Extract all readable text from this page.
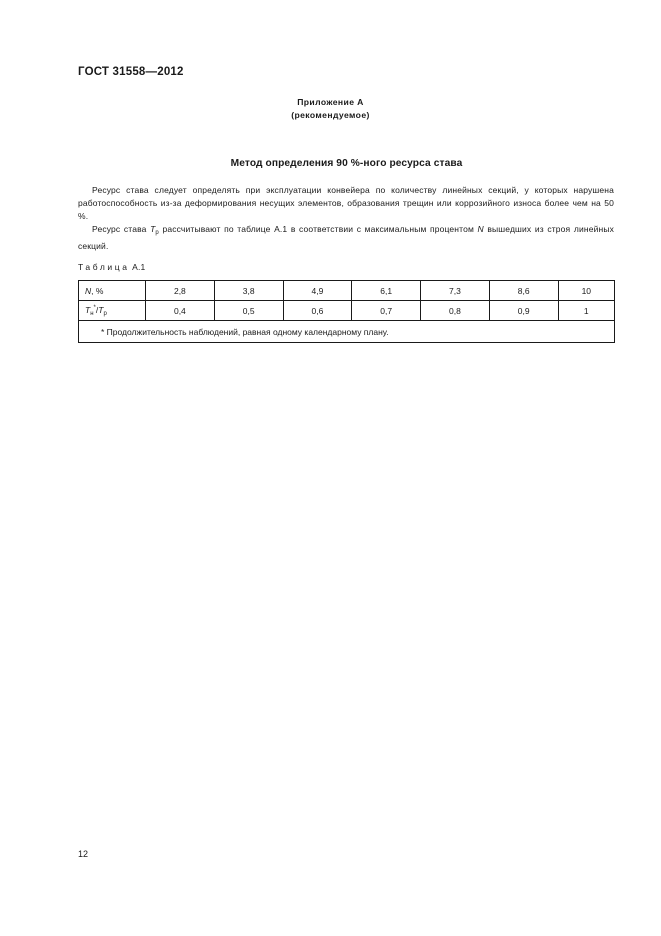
ГОСТ 31558—2012
Приложение А
(рекомендуемое)
Метод определения 90 %-ного ресурса става
Ресурс става следует определять при эксплуатации конвейера по количеству линейных секций, у которых нарушена работоспособность из-за деформирования несущих элементов, образования трещин или коррозийного износа более чем на 50 %.
Ресурс става $T_р$ рассчитывают по таблице А.1 в соответствии с максимальным процентом N вышедших из строя линейных секций.
Таблица А.1
N, %	2,8	3,8	4,9	6,1	7,3	8,6	10
$T_н^*/T_р$	0,4	0,5	0,6	0,7	0,8	0,9	1
* Продолжительность наблюдений, равная одному календарному плану.							
12
